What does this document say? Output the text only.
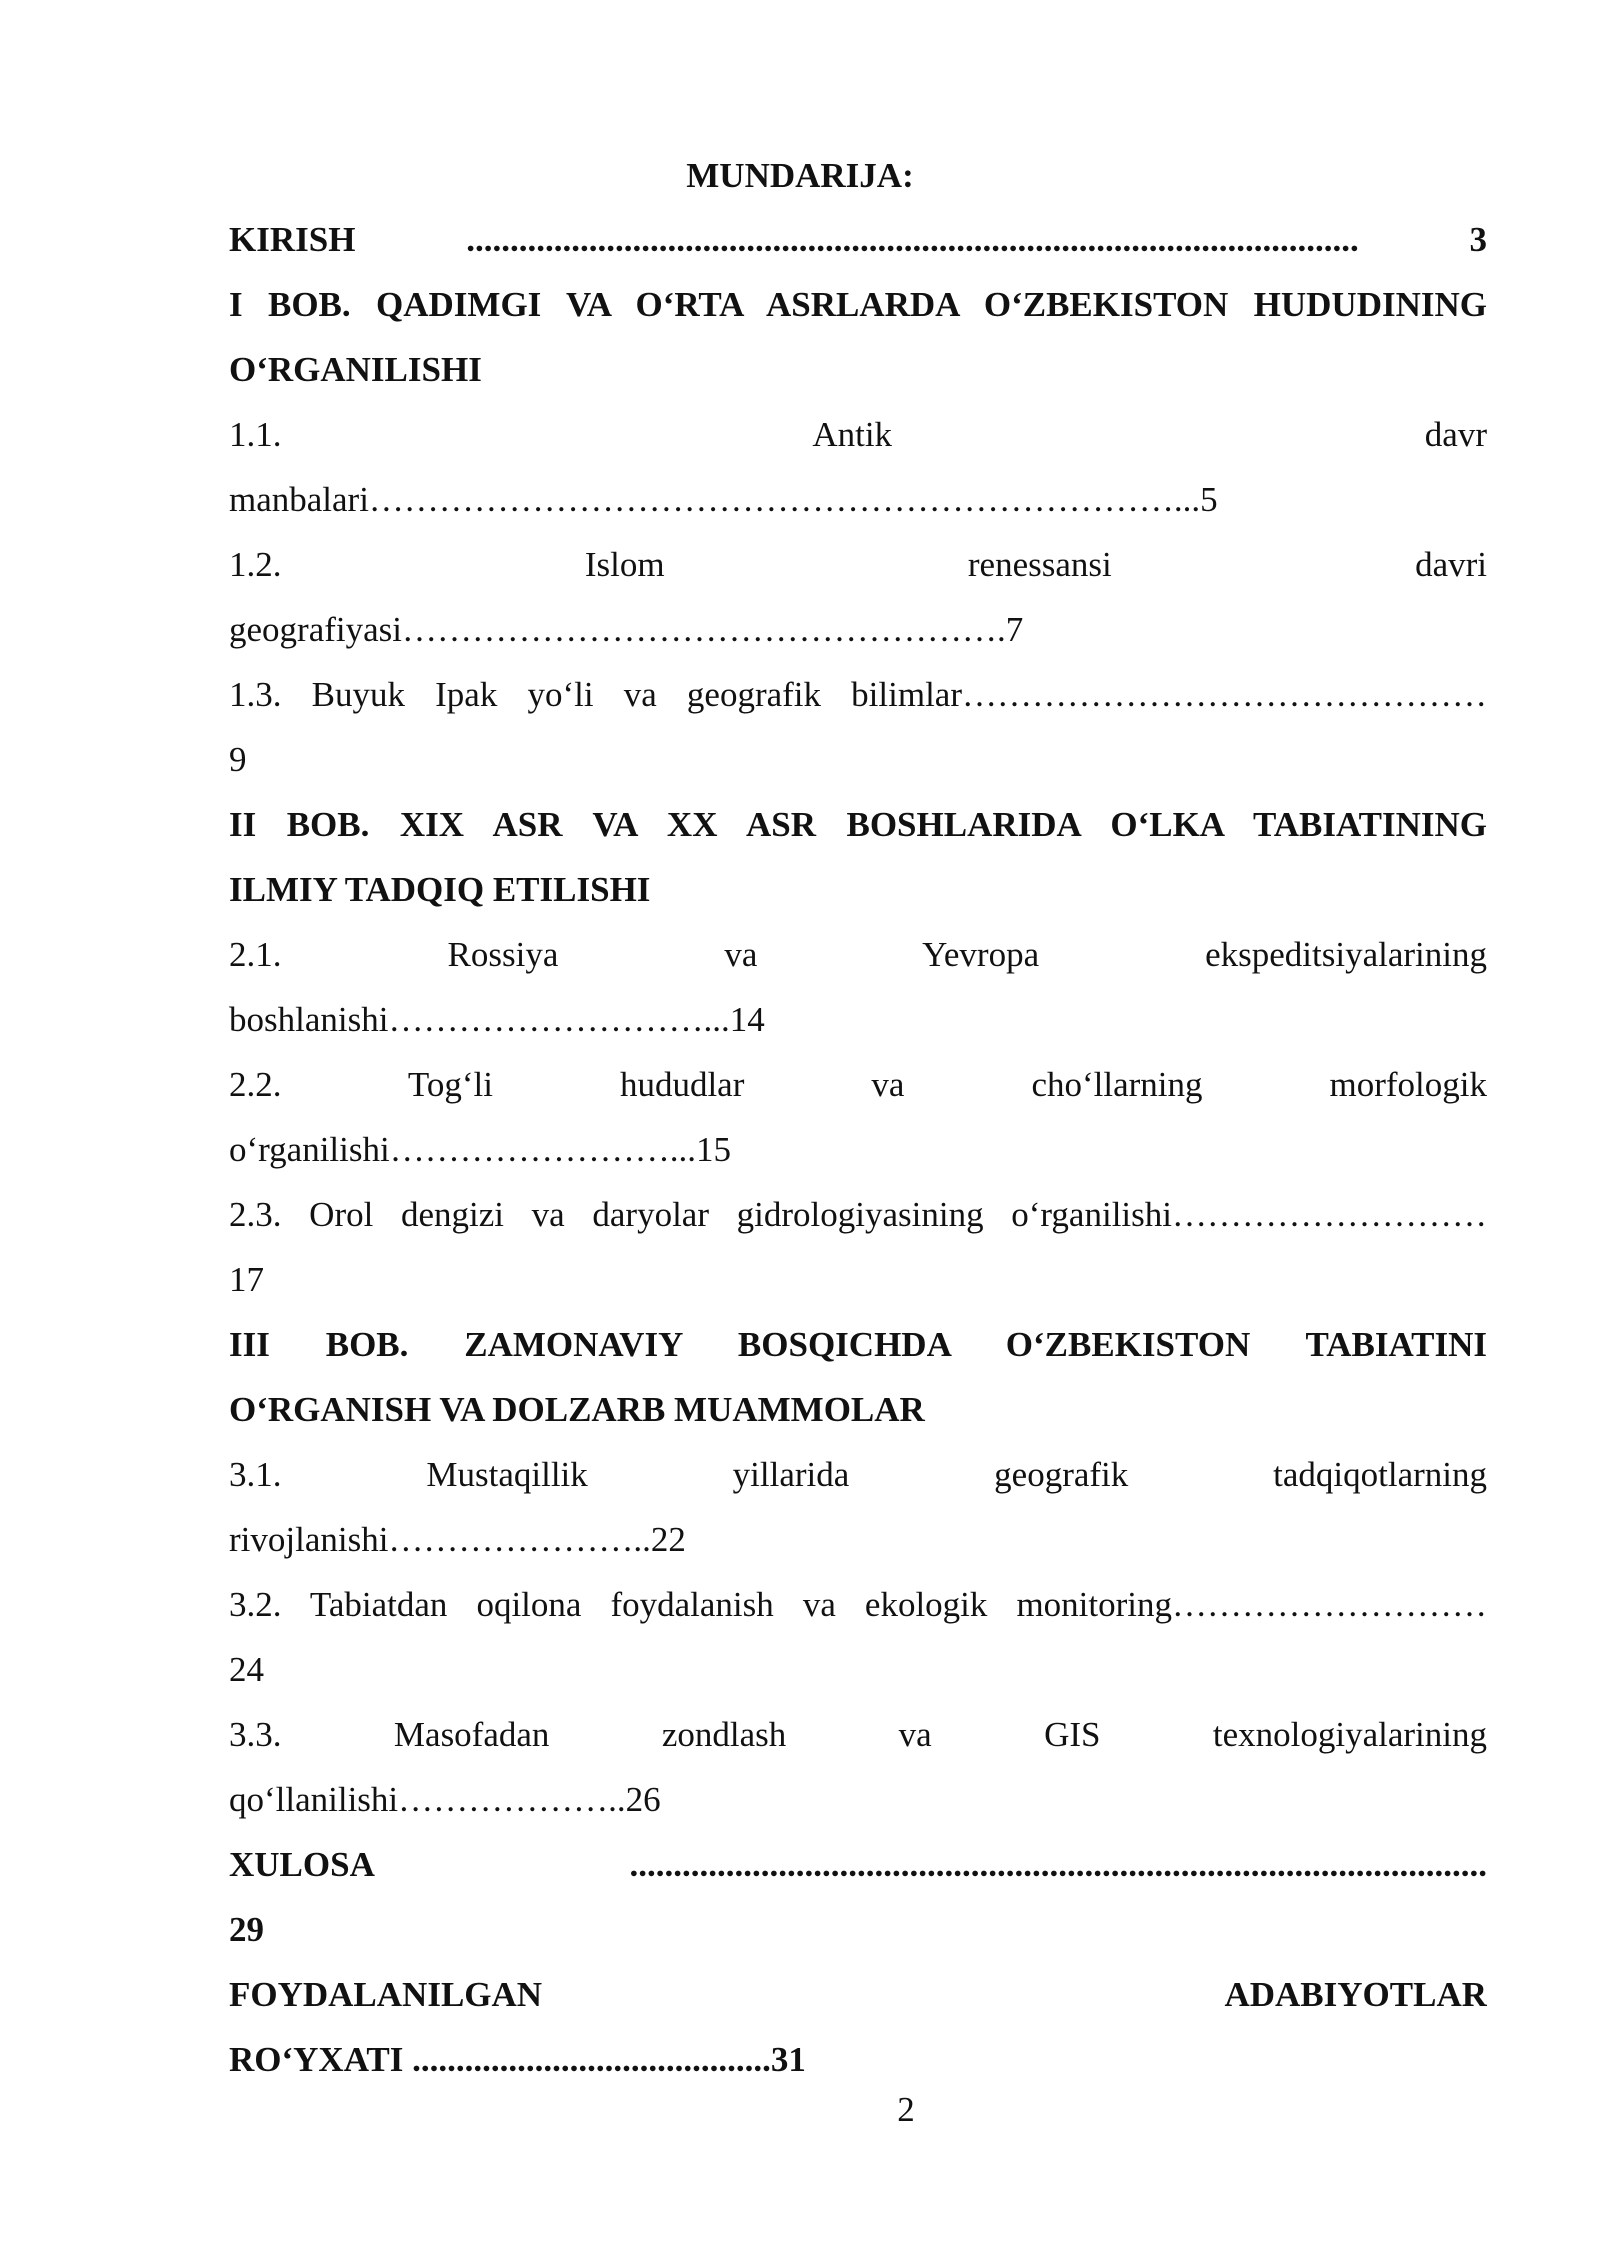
MUNDARIJA:
KIRISH ...................................................................................................... 3
I BOB. QADIMGI VA O‘RTA ASRLARDA O‘ZBEKISTON HUDUDINING
O‘RGANILISHI
1.1. Antik davr
manbalari……………………………………………………………...5
1.2. Islom renessansi davri
geografiyasi…………………………………………….7
1.3. Buyuk Ipak yo‘li va geografik bilimlar………………………………………
9
II BOB. XIX ASR VA XX ASR BOSHLARIDA O‘LKA TABIATINING
ILMIY TADQIQ ETILISHI
2.1. Rossiya va Yevropa ekspeditsiyalarining
boshlanishi………………………...14
2.2. Tog‘li hududlar va cho‘llarning morfologik
o‘rganilishi……………………...15
2.3. Orol dengizi va daryolar gidrologiyasining o‘rganilishi………………………
17
III BOB. ZAMONAVIY BOSQICHDA O‘ZBEKISTON TABIATINI
O‘RGANISH VA DOLZARB MUAMMOLAR
3.1. Mustaqillik yillarida geografik tadqiqotlarning
rivojlanishi…………………..22
3.2. Tabiatdan oqilona foydalanish va ekologik monitoring………………………
24
3.3. Masofadan zondlash va GIS texnologiyalarining
qo‘llanilishi………………..26
XULOSA ..................................................................................................
29
FOYDALANILGAN ADABIYOTLAR
RO‘YXATI .........................................31
2
